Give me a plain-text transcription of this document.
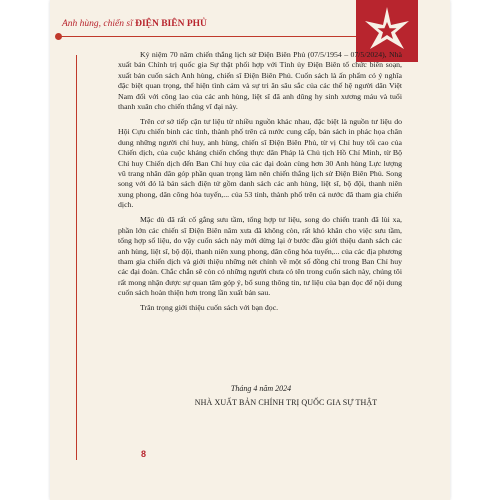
Anh hùng, chiến sĩ ĐIỆN BIÊN PHỦ

Kỷ niệm 70 năm chiến thắng lịch sử Điện Biên Phủ (07/5/1954 – 07/5/2024), Nhà xuất bản Chính trị quốc gia Sự thật phối hợp với Tỉnh ủy Điện Biên tổ chức biên soạn, xuất bản cuốn sách Anh hùng, chiến sĩ Điện Biên Phủ. Cuốn sách là ấn phẩm có ý nghĩa đặc biệt quan trọng, thể hiện tình cảm và sự tri ân sâu sắc của các thế hệ người dân Việt Nam đối với công lao của các anh hùng, liệt sĩ đã anh dũng hy sinh xương máu và tuổi thanh xuân cho chiến thắng vĩ đại này.

Trên cơ sở tiếp cận tư liệu từ nhiều nguồn khác nhau, đặc biệt là nguồn tư liệu do Hội Cựu chiến binh các tỉnh, thành phố trên cả nước cung cấp, bản sách in phác họa chân dung những người chỉ huy, anh hùng, chiến sĩ Điện Biên Phủ, từ vị Chỉ huy tối cao của Chiến dịch, của cuộc kháng chiến chống thực dân Pháp là Chủ tịch Hồ Chí Minh, từ Bộ Chỉ huy Chiến dịch đến Ban Chỉ huy của các đại đoàn cùng hơn 30 Anh hùng Lực lượng vũ trang nhân dân góp phần quan trọng làm nên chiến thắng lịch sử Điện Biên Phủ. Song song với đó là bản sách điện tử gồm danh sách các anh hùng, liệt sĩ, bộ đội, thanh niên xung phong, dân công hỏa tuyến,... của 53 tỉnh, thành phố trên cả nước đã tham gia chiến dịch.

Mặc dù đã rất cố gắng sưu tầm, tổng hợp tư liệu, song do chiến tranh đã lùi xa, phần lớn các chiến sĩ Điện Biên năm xưa đã không còn, rất khó khăn cho việc sưu tầm, tổng hợp số liệu, do vậy cuốn sách này mới dừng lại ở bước đầu giới thiệu danh sách các anh hùng, liệt sĩ, bộ đội, thanh niên xung phong, dân công hỏa tuyến,... của các địa phương tham gia chiến dịch và giới thiệu những nét chính về một số đồng chí trong Ban Chỉ huy các đại đoàn. Chắc chắn sẽ còn có những người chưa có tên trong cuốn sách này, chúng tôi rất mong nhận được sự quan tâm góp ý, bổ sung thông tin, tư liệu của bạn đọc để nội dung cuốn sách hoàn thiện hơn trong lần xuất bản sau.

Trân trọng giới thiệu cuốn sách với bạn đọc.

Tháng 4 năm 2024
NHÀ XUẤT BẢN CHÍNH TRỊ QUỐC GIA SỰ THẬT
8
